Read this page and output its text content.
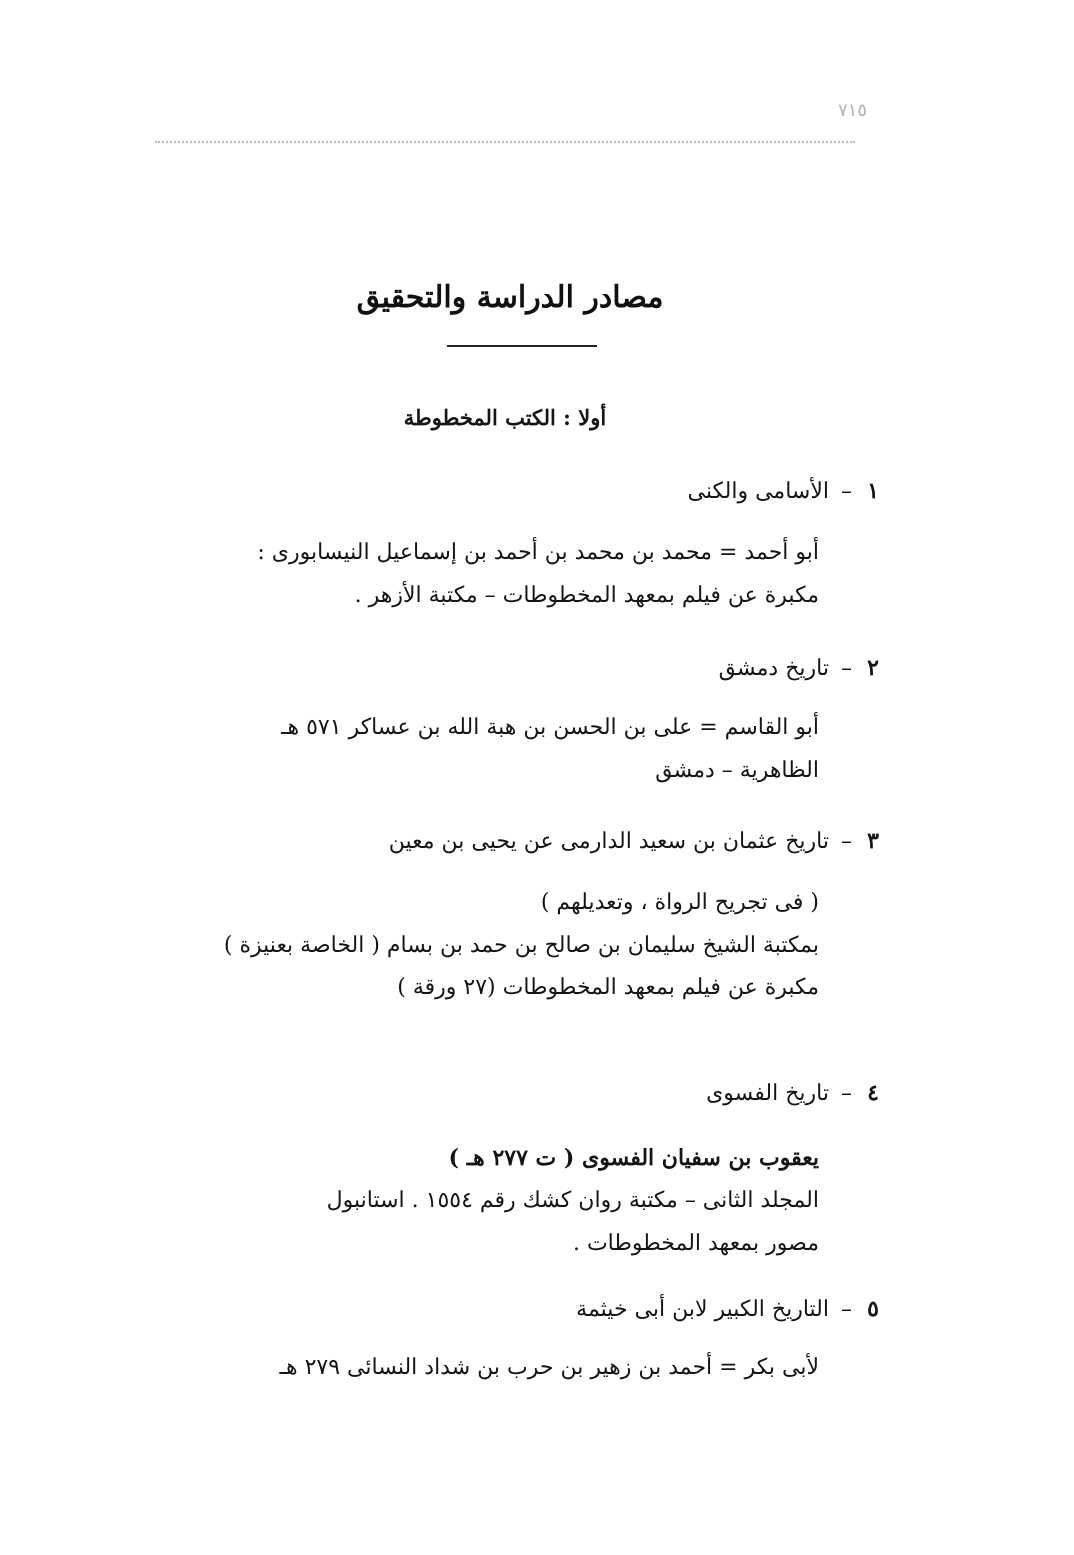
٧١٥
مصادر الدراسة والتحقيق
أولا : الكتب المخطوطة
١
–
الأسامى والكنى
أبو أحمد = محمد بن محمد بن أحمد بن إسماعيل النيسابورى :
مكبرة عن فيلم بمعهد المخطوطات – مكتبة الأزهر .
٢
–
تاريخ دمشق
أبو القاسم = على بن الحسن بن هبة الله بن عساكر ٥٧١ هـ
الظاهرية – دمشق
٣
–
تاريخ عثمان بن سعيد الدارمى عن يحيى بن معين
( فى تجريح الرواة ، وتعديلهم )
بمكتبة الشيخ سليمان بن صالح بن حمد بن بسام ( الخاصة بعنيزة )
مكبرة عن فيلم بمعهد المخطوطات (٢٧ ورقة )
٤
–
تاريخ الفسوى
يعقوب بن سفيان الفسوى ( ت ٢٧٧ هـ )
المجلد الثانى – مكتبة روان كشك رقم ١٥٥٤ . استانبول
مصور بمعهد المخطوطات .
٥
–
التاريخ الكبير لابن أبى خيثمة
لأبى بكر = أحمد بن زهير بن حرب بن شداد النسائى ٢٧٩ هـ
